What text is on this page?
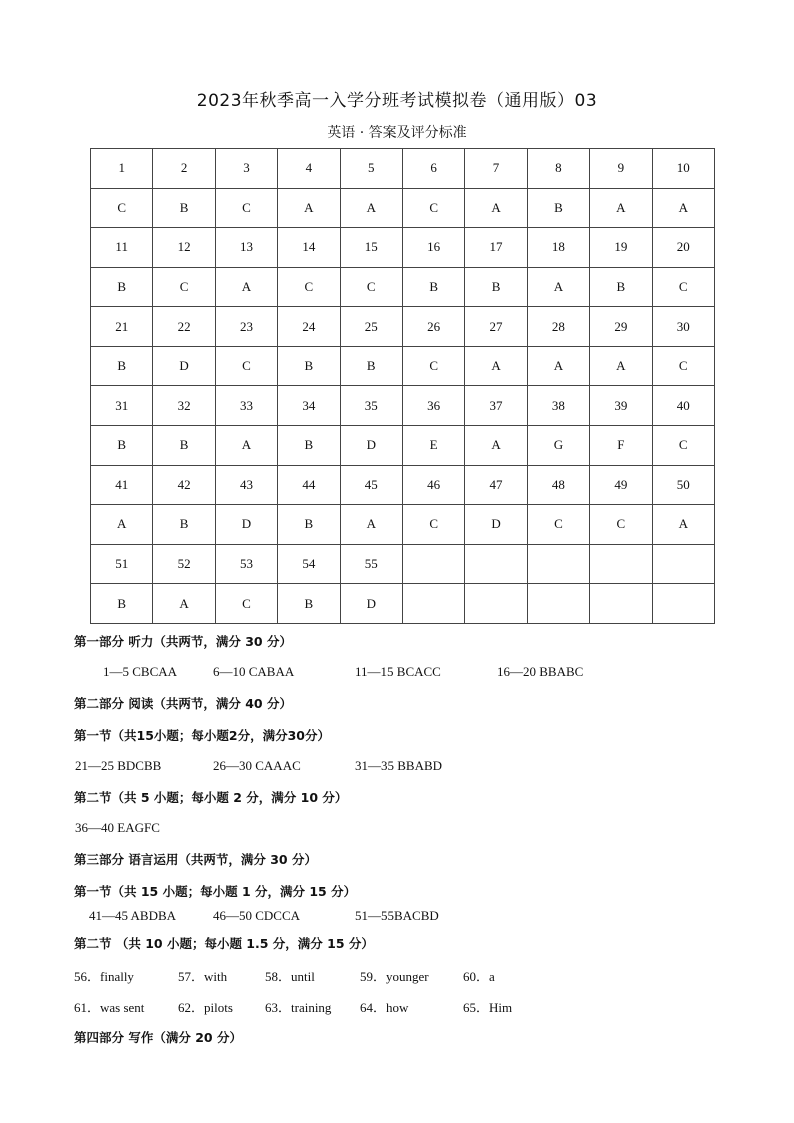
2023年秋季高一入学分班考试模拟卷（通用版）03
英语 · 答案及评分标准
1	2	3	4	5	6	7	8	9	10
C	B	C	A	A	C	A	B	A	A
11	12	13	14	15	16	17	18	19	20
B	C	A	C	C	B	B	A	B	C
21	22	23	24	25	26	27	28	29	30
B	D	C	B	B	C	A	A	A	C
31	32	33	34	35	36	37	38	39	40
B	B	A	B	D	E	A	G	F	C
41	42	43	44	45	46	47	48	49	50
A	B	D	B	A	C	D	C	C	A
51	52	53	54	55					
B	A	C	B	D					
第一部分 听力（共两节，满分 30 分）
1—5 CBCAA	6—10 CABAA	11—15 BCACC	16—20 BBABC
第二部分 阅读（共两节，满分 40 分）
第一节（共15小题；每小题2分，满分30分）
21—25 BDCBB	26—30 CAAAC	31—35 BBABD
第二节（共 5 小题；每小题 2 分，满分 10 分）
36—40 EAGFC
第三部分 语言运用（共两节，满分 30 分）
第一节（共 15 小题；每小题 1 分，满分 15 分）
41—45 ABDBA	46—50 CDCCA	51—55BACBD
第二节 （共 10 小题；每小题 1.5 分，满分 15 分）
56．finally	57．with	58．until	59．younger	60．a
61．was sent	62．pilots 63．training 64．how	65．Him
第四部分 写作（满分 20 分）
